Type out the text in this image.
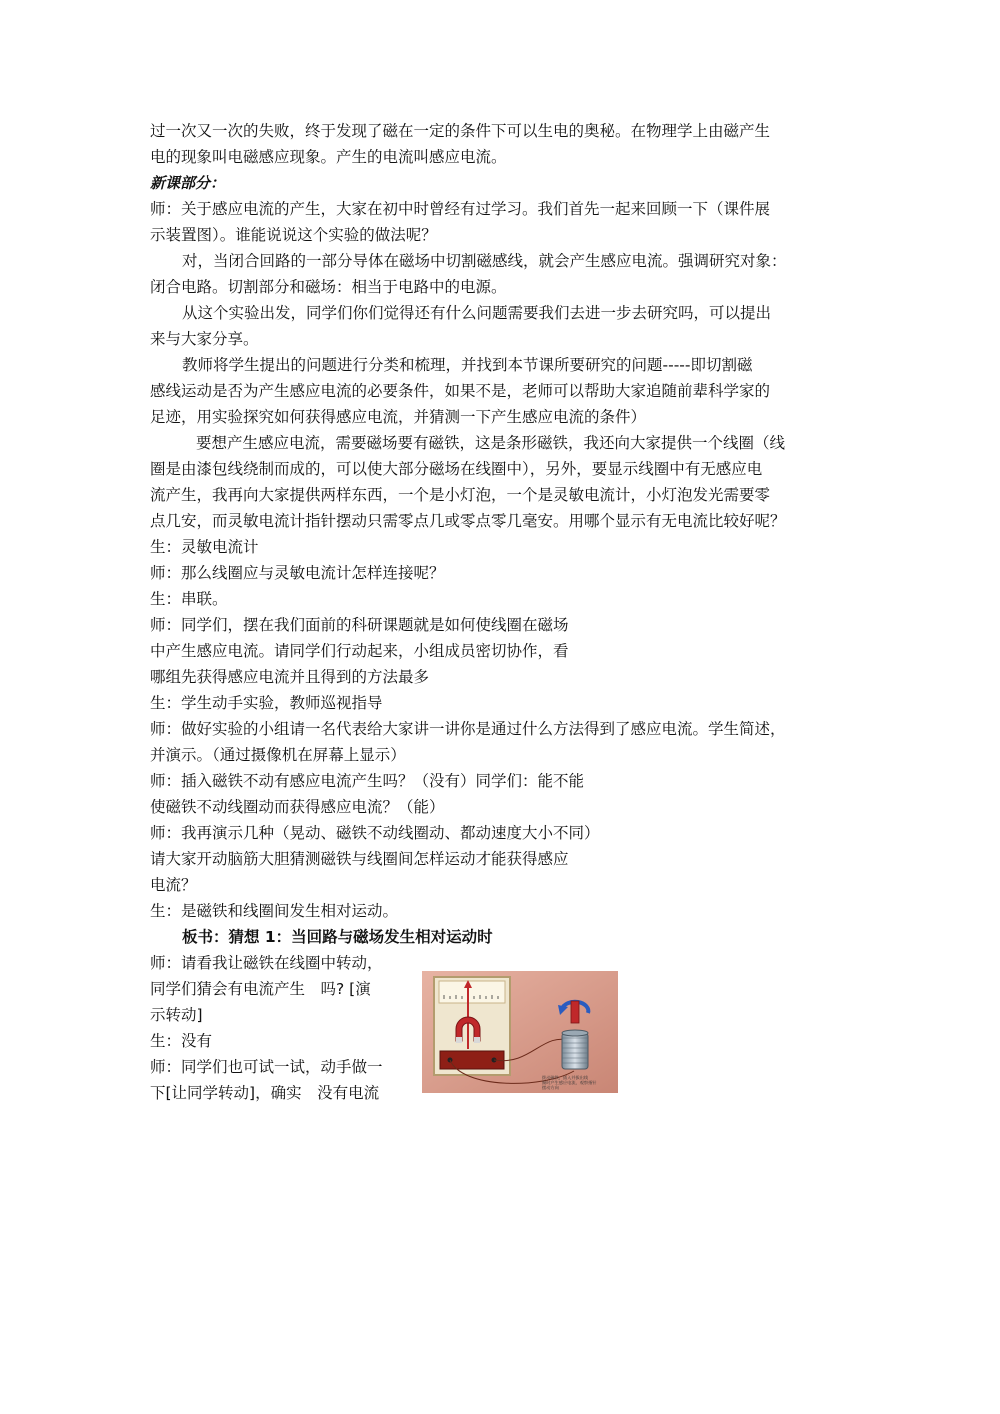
过一次又一次的失败，终于发现了磁在一定的条件下可以生电的奥秘。在物理学上由磁产生

电的现象叫电磁感应现象。产生的电流叫感应电流。

新课部分：

师：关于感应电流的产生，大家在初中时曾经有过学习。我们首先一起来回顾一下（课件展

示装置图）。谁能说说这个实验的做法呢？

对，当闭合回路的一部分导体在磁场中切割磁感线，就会产生感应电流。强调研究对象：

闭合电路。切割部分和磁场：相当于电路中的电源。

从这个实验出发，同学们你们觉得还有什么问题需要我们去进一步去研究吗，可以提出

来与大家分享。

教师将学生提出的问题进行分类和梳理，并找到本节课所要研究的问题-----即切割磁

感线运动是否为产生感应电流的必要条件，如果不是，老师可以帮助大家追随前辈科学家的

足迹，用实验探究如何获得感应电流，并猜测一下产生感应电流的条件）

要想产生感应电流，需要磁场要有磁铁，这是条形磁铁，我还向大家提供一个线圈（线

圈是由漆包线绕制而成的，可以使大部分磁场在线圈中），另外，要显示线圈中有无感应电

流产生，我再向大家提供两样东西，一个是小灯泡，一个是灵敏电流计，小灯泡发光需要零

点几安，而灵敏电流计指针摆动只需零点几或零点零几毫安。用哪个显示有无电流比较好呢？

生：灵敏电流计

师：那么线圈应与灵敏电流计怎样连接呢？

生：串联。

师：同学们，摆在我们面前的科研课题就是如何使线圈在磁场

中产生感应电流。请同学们行动起来，小组成员密切协作，看

哪组先获得感应电流并且得到的方法最多

生：学生动手实验，教师巡视指导

师：做好实验的小组请一名代表给大家讲一讲你是通过什么方法得到了感应电流。学生简述，

并演示。（通过摄像机在屏幕上显示）

师：插入磁铁不动有感应电流产生吗？（没有）同学们：能不能

使磁铁不动线圈动而获得感应电流？（能）

师：我再演示几种（晃动、磁铁不动线圈动、都动速度大小不同）

请大家开动脑筋大胆猜测磁铁与线圈间怎样运动才能获得感应

电流？

生：是磁铁和线圈间发生相对运动。

板书：猜想 1：当回路与磁场发生相对运动时

师：请看我让磁铁在线圈中转动，

同学们猜会有电流产生　吗? [演

示转动]

生：没有

师：同学们也可试一试，动手做一

下[让同学转动]，确实　没有电流

拨动磁铁，插入并拔出线
圈时产生感应电流，观察指针
摆动方向
